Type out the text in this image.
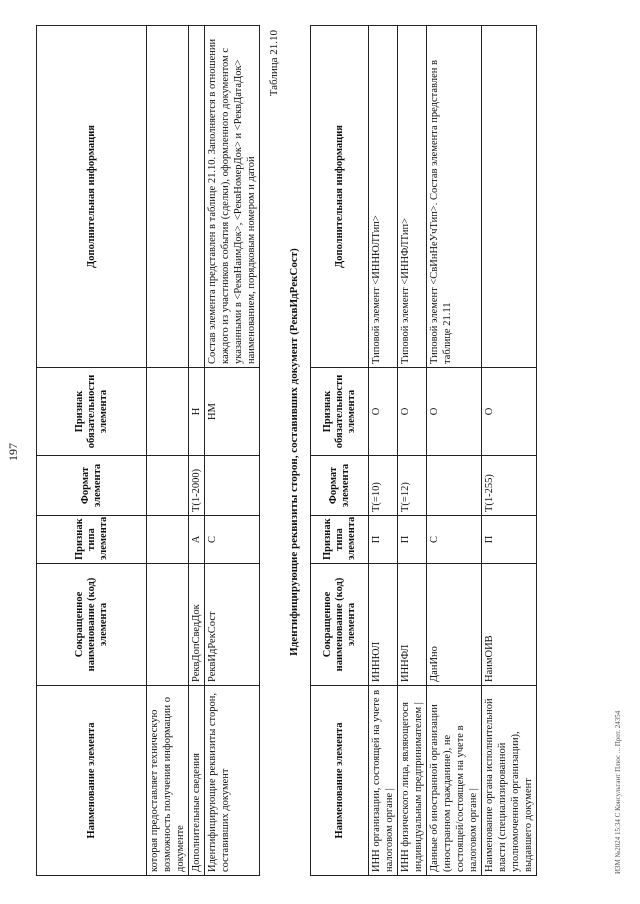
197
Наименование элемента	Сокращенное наименование (код) элемента	Признак типа элемента	Формат элемента	Признак обязательности элемента	Дополнительная информация
которая предоставляет техническую возможность получения информации о документе					
Дополнительные сведения	РеквДопСведДок	А	T(1-2000)	Н	
Идентифицирующие реквизиты сторон, составивших документ	РеквИдРекСост	С		НМ	Состав элемента представлен в таблице 21.10. Заполняется в отношении каждого из участников события (сделки), оформленного документом с указанными в <РеквНаимДок>, <РеквНомерДок> и <РеквДатаДок> наименованием, порядковым номером и датой
Таблица 21.10
Идентифицирующие реквизиты сторон, составивших документ (РеквИдРекСост)
Наименование элемента	Сокращенное наименование (код) элемента	Признак типа элемента	Формат элемента	Признак обязательности элемента	Дополнительная информация
ИНН организации, состоящей на учете в налоговом органе |	ИННЮЛ	П	T(=10)	О	Типовой элемент <ИННЮЛТип>
ИНН физического лица, являющегося индивидуальным предпринимателем |	ИННФЛ	П	T(=12)	О	Типовой элемент <ИННФЛТип>
Данные об иностранной организации (иностранном гражданине), не состоящей/состоящем на учете в налоговом органе |	ДанИно	С		О	Типовой элемент <СвИнНеУчТип>. Состав элемента представлен в таблице 21.11
Наименование органа исполнительной власти (специализированной уполномоченной организации), выдавшего документ	НаимОИВ	П	T(1-255)	О	
ИЗМ №2024 15:34 С Консультант Плюс ... Прот. 24354
